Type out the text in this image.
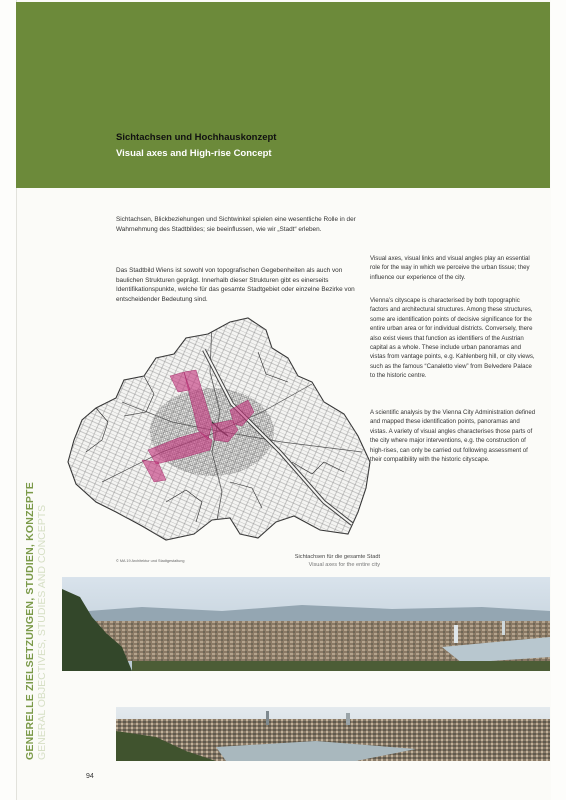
Sichtachsen und Hochhauskonzept
Visual axes and High-rise Concept

Sichtachsen, Blickbeziehungen und Sichtwinkel spielen eine wesentliche Rolle in der Wahrnehmung des Stadtbildes; sie beeinflussen, wie wir „Stadt“ erleben.

Das Stadtbild Wiens ist sowohl von topografischen Gegebenheiten als auch von baulichen Strukturen geprägt. Innerhalb dieser Strukturen gibt es einerseits Identifikationspunkte, welche für das gesamte Stadtgebiet oder einzelne Bezirke von entscheidender Bedeutung sind.

Visual axes, visual links and visual angles play an essential role for the way in which we perceive the urban tissue; they influence our experience of the city.

Vienna’s cityscape is characterised by both topographic factors and architectural structures. Among these structures, some are identification points of decisive significance for the entire urban area or for individual districts. Conversely, there also exist views that function as identifiers of the Austrian capital as a whole. These include urban panoramas and vistas from vantage points, e.g. Kahlenberg hill, or city views, such as the famous “Canaletto view” from Belvedere Palace to the historic centre.

A scientific analysis by the Vienna City Administration defined and mapped these identification points, panoramas and vistas. A variety of visual angles characterises those parts of the city where major interventions, e.g. the construction of high-rises, can only be carried out following assessment of their compatibility with the historic cityscape.

© MA 19 Architektur und Stadtgestaltung

Sichtachsen für die gesamte Stadt
Visual axes for the entire city

GENERELLE ZIELSETZUNGEN, STUDIEN, KONZEPTE GENERAL OBJECTIVES, STUDIES AND CONCEPTS

94
